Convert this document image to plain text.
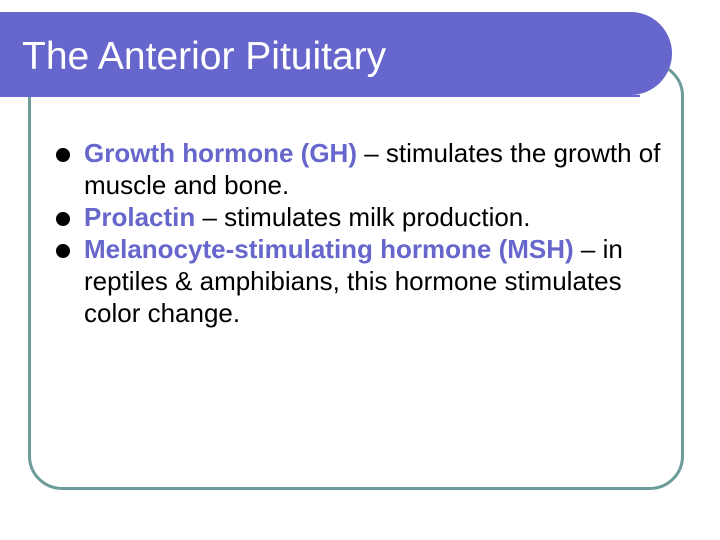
The Anterior Pituitary
Growth hormone (GH) – stimulates the growth of muscle and bone.
Prolactin – stimulates milk production.
Melanocyte-stimulating hormone (MSH) – in reptiles & amphibians, this hormone stimulates color change.
